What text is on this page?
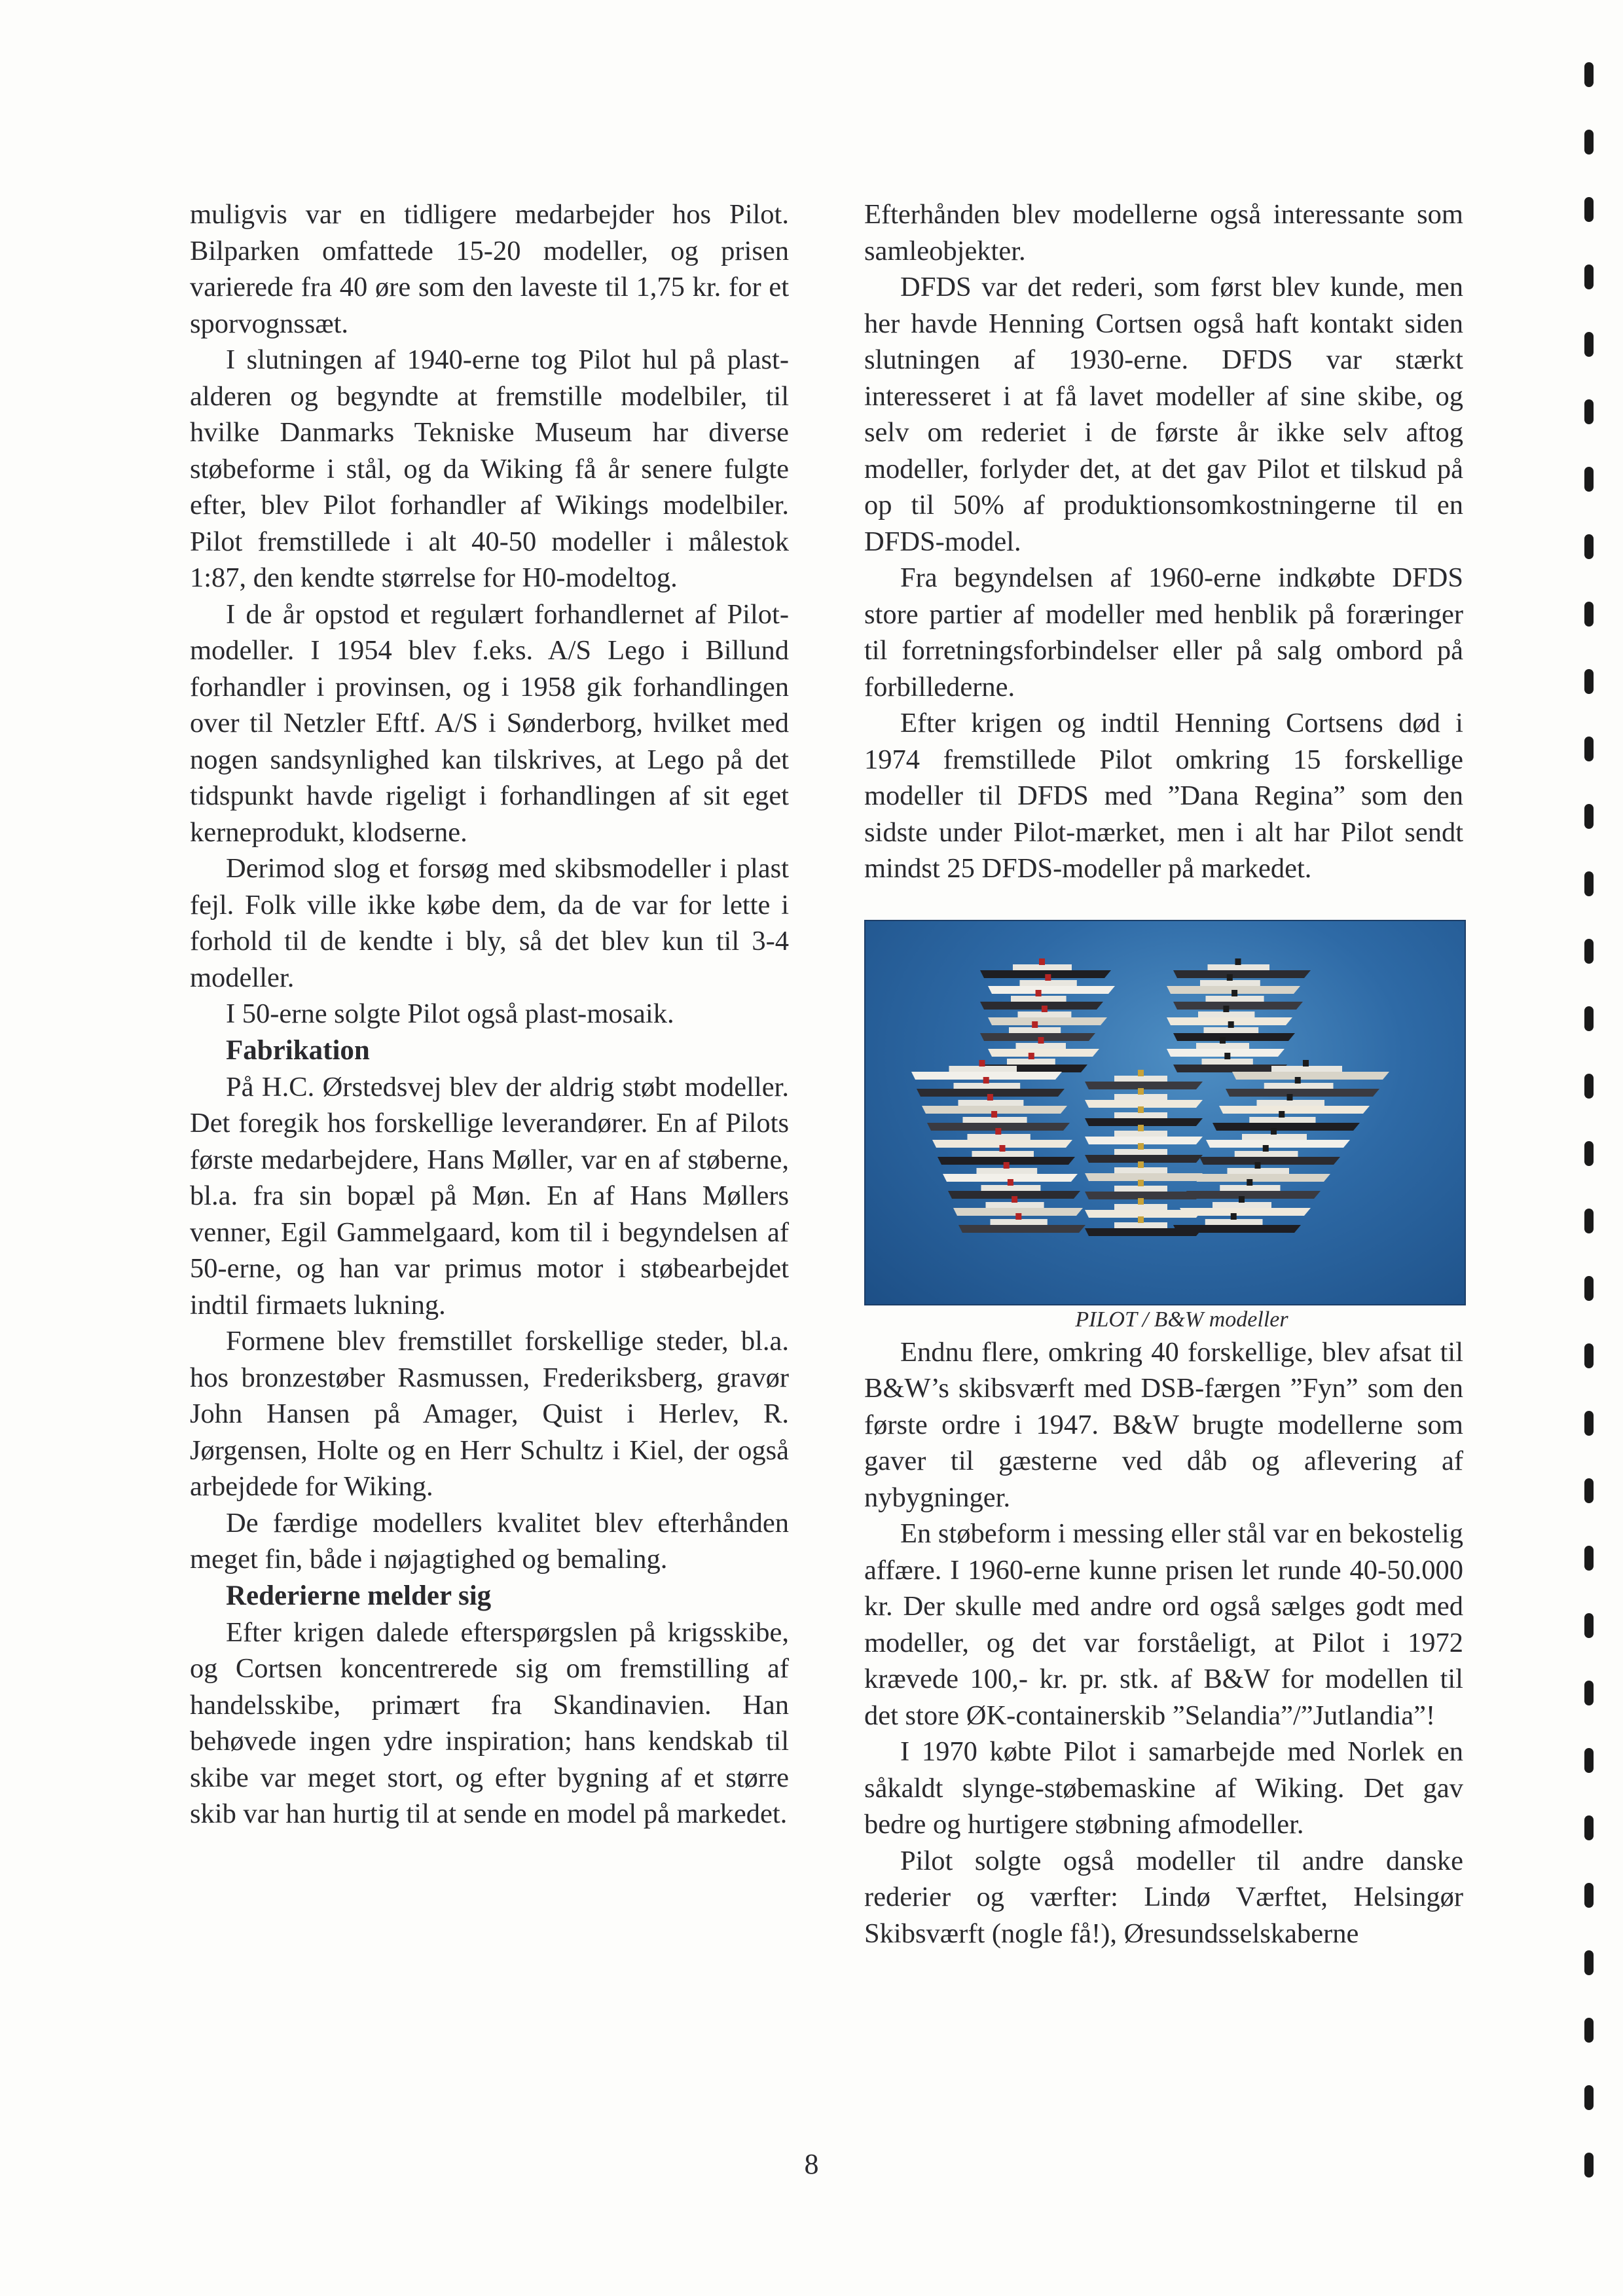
muligvis var en tidligere medarbejder hos Pilot. Bilparken omfattede 15-20 modeller, og prisen varierede fra 40 øre som den laveste til 1,75 kr. for et sporvognssæt.

I slutningen af 1940-erne tog Pilot hul på plast-alderen og begyndte at fremstille modelbiler, til hvilke Danmarks Tekniske Museum har diverse støbeforme i stål, og da Wiking få år senere fulgte efter, blev Pilot forhandler af Wikings modelbiler. Pilot fremstillede i alt 40-50 modeller i målestok 1:87, den kendte størrelse for H0-modeltog.

I de år opstod et regulært forhandlernet af Pilot-modeller. I 1954 blev f.eks. A/S Lego i Billund forhandler i provinsen, og i 1958 gik forhandlingen over til Netzler Eftf. A/S i Sønderborg, hvilket med nogen sandsynlighed kan tilskrives, at Lego på det tidspunkt havde rigeligt i forhandlingen af sit eget kerneprodukt, klodserne.

Derimod slog et forsøg med skibsmodeller i plast fejl. Folk ville ikke købe dem, da de var for lette i forhold til de kendte i bly, så det blev kun til 3-4 modeller.

I 50-erne solgte Pilot også plast-mosaik.

Fabrikation

På H.C. Ørstedsvej blev der aldrig støbt modeller. Det foregik hos forskellige leverandører. En af Pilots første medarbejdere, Hans Møller, var en af støberne, bl.a. fra sin bopæl på Møn. En af Hans Møllers venner, Egil Gammelgaard, kom til i begyndelsen af 50-erne, og han var primus motor i støbearbejdet indtil firmaets lukning.

Formene blev fremstillet forskellige steder, bl.a. hos bronzestøber Rasmussen, Frederiksberg, gravør John Hansen på Amager, Quist i Herlev, R. Jørgensen, Holte og en Herr Schultz i Kiel, der også arbejdede for Wiking.

De færdige modellers kvalitet blev efterhånden meget fin, både i nøjagtighed og bemaling.

Rederierne melder sig

Efter krigen dalede efterspørgslen på krigsskibe, og Cortsen koncentrerede sig om fremstilling af handelsskibe, primært fra Skandinavien. Han behøvede ingen ydre inspiration; hans kendskab til skibe var meget stort, og efter bygning af et større skib var han hurtig til at sende en model på markedet.

Efterhånden blev modellerne også interessante som samleobjekter.

DFDS var det rederi, som først blev kunde, men her havde Henning Cortsen også haft kontakt siden slutningen af 1930-erne. DFDS var stærkt interesseret i at få lavet modeller af sine skibe, og selv om rederiet i de første år ikke selv aftog modeller, forlyder det, at det gav Pilot et tilskud på op til 50% af produktionsomkostningerne til en DFDS-model.

Fra begyndelsen af 1960-erne indkøbte DFDS store partier af modeller med henblik på foræringer til forretningsforbindelser eller på salg ombord på forbillederne.

Efter krigen og indtil Henning Cortsens død i 1974 fremstillede Pilot omkring 15 forskellige modeller til DFDS med ”Dana Regina” som den sidste under Pilot-mærket, men i alt har Pilot sendt mindst 25 DFDS-modeller på markedet.

PILOT / B&W modeller

Endnu flere, omkring 40 forskellige, blev afsat til B&W’s skibsværft med DSB-færgen ”Fyn” som den første ordre i 1947. B&W brugte modellerne som gaver til gæsterne ved dåb og aflevering af nybygninger.

En støbeform i messing eller stål var en bekostelig affære. I 1960-erne kunne prisen let runde 40-50.000 kr. Der skulle med andre ord også sælges godt med modeller, og det var forståeligt, at Pilot i 1972 krævede 100,- kr. pr. stk. af B&W for modellen til det store ØK-containerskib ”Selandia”/”Jutlandia”!

I 1970 købte Pilot i samarbejde med Norlek en såkaldt slynge-støbemaskine af Wiking. Det gav bedre og hurtigere støbning afmodeller.

Pilot solgte også modeller til andre danske rederier og værfter: Lindø Værftet, Helsingør Skibsværft (nogle få!), Øresundsselskaberne

8
